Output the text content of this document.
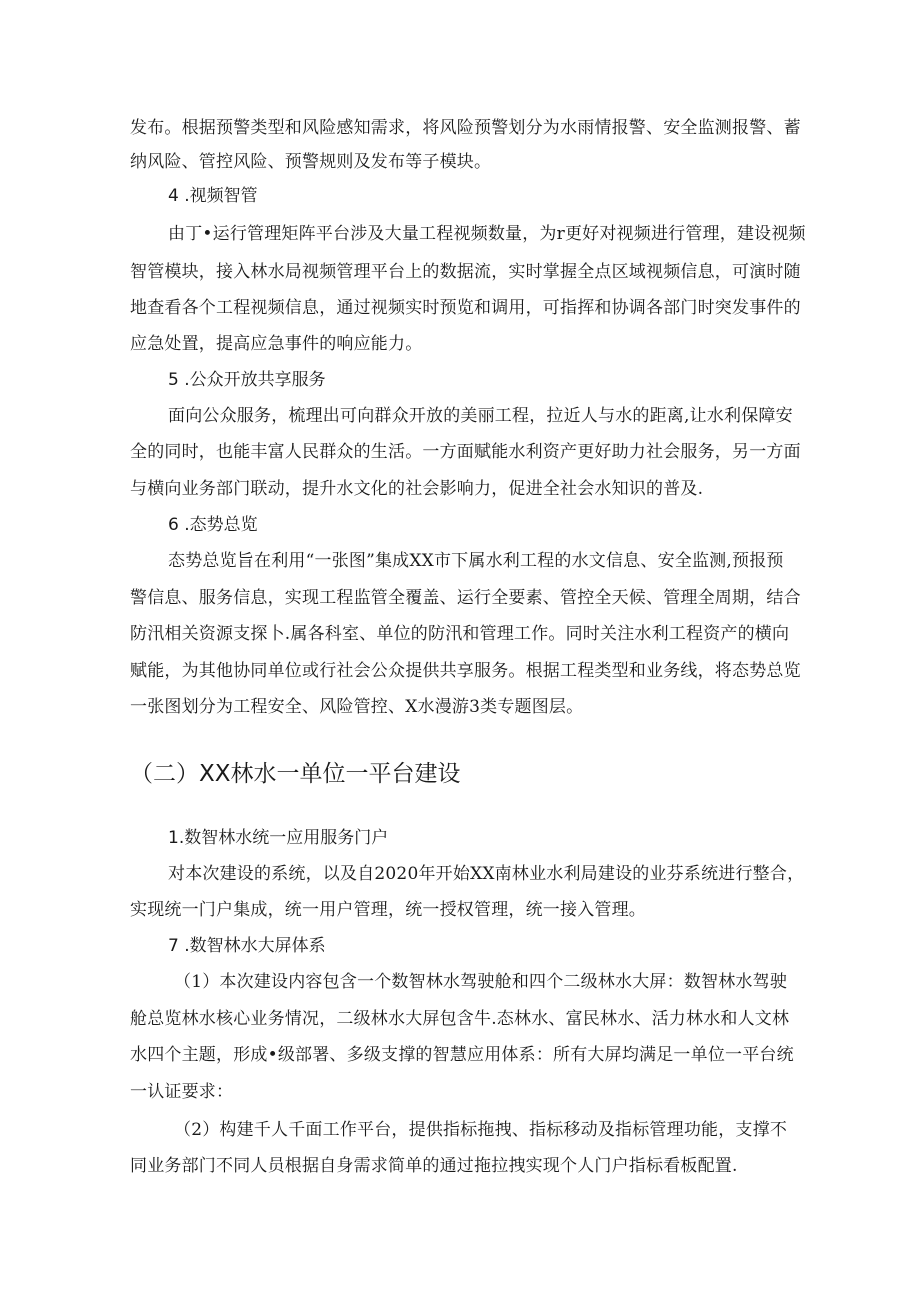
发布。根据预警类型和风险感知需求，将风险预警划分为水雨情报警、安全监测报警、蓄
纳风险、管控风险、预警规则及发布等子模块。
4 .视频智管
由丁•运行管理矩阵平台涉及大量工程视频数量，为r更好对视频进行管理，建设视频
智管模块，接入林水局视频管理平台上的数据流，实时掌握全点区域视频信息，可演时随
地查看各个工程视频信息，通过视频实时预览和调用，可指挥和协调各部门时突发事件的
应急处置，提高应急事件的响应能力。
5 .公众开放共享服务
面向公众服务，梳理出可向群众开放的美丽工程，拉近人与水的距离,让水利保障安
全的同时，也能丰富人民群众的生活。一方面赋能水利资产更好助力社会服务，另一方面
与横向业务部门联动，提升水文化的社会影响力，促进全社会水知识的普及.
6 .态势总览
态势总览旨在利用“一张图”集成XX市下属水利工程的水文信息、安全监测,预报预
警信息、服务信息，实现工程监管全覆盖、运行全要素、管控全天候、管理全周期，结合
防汛相关资源支探卜.属各科室、单位的防汛和管理工作。同时关注水利工程资产的横向
赋能，为其他协同单位或行社会公众提供共享服务。根据工程类型和业务线，将态势总览
一张图划分为工程安全、风险管控、X水漫游3类专题图层。
（二）XX林水一单位一平台建设
1.数智林水统一应用服务门户
对本次建设的系统，以及自2020年开始XX南林业水利局建设的业芬系统进行整合，
实现统一门户集成，统一用户管理，统一授权管理，统一接入管理。
7 .数智林水大屏体系
（1）本次建设内容包含一个数智林水驾驶舱和四个二级林水大屏：数智林水驾驶
舱总览林水核心业务情况，二级林水大屏包含牛.态林水、富民林水、活力林水和人文林
水四个主题，形成•级部署、多级支撑的智慧应用体系：所有大屏均满足一单位一平台统
一认证要求：
（2）构建千人千面工作平台，提供指标拖拽、指标移动及指标管理功能，支撑不
同业务部门不同人员根据自身需求简单的通过拖拉拽实现个人门户指标看板配置.
